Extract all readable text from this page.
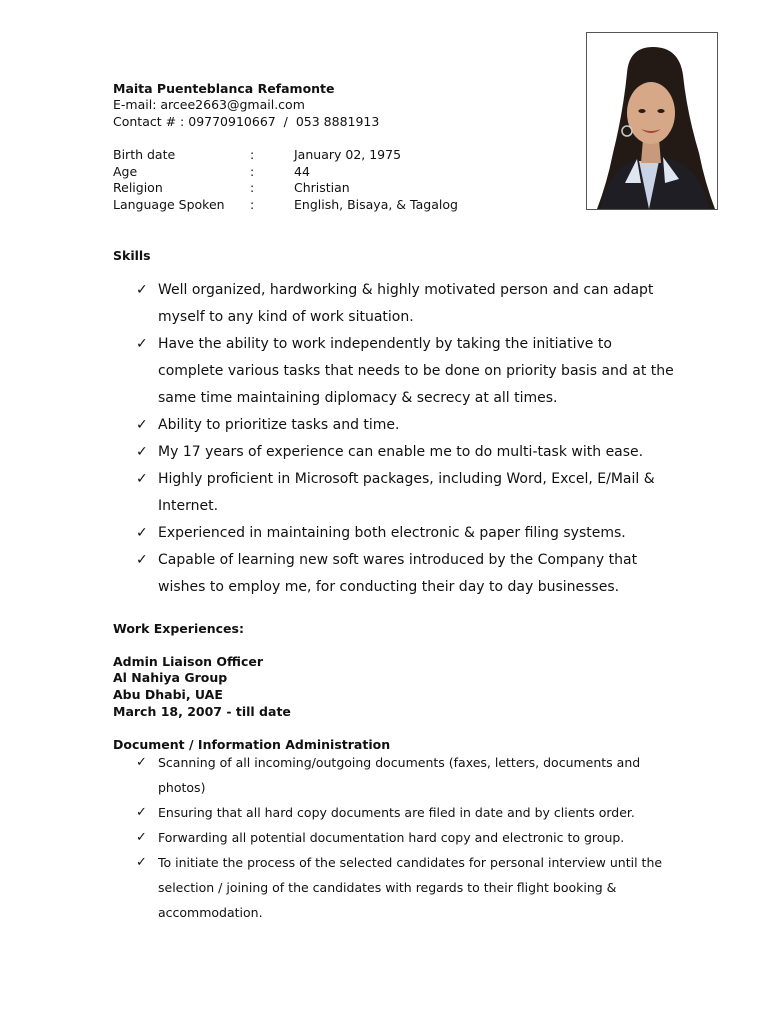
Maita Puenteblanca Refamonte
E-mail: arcee2663@gmail.com
Contact # : 09770910667  /  053 8881913
Birth date	:	January 02, 1975
Age	:	44
Religion	:	Christian
Language Spoken :	English, Bisaya, & Tagalog
Skills
✓ Well organized, hardworking & highly motivated person and can adapt myself to any kind of work situation.
✓ Have the ability to work independently by taking the initiative to complete various tasks that needs to be done on priority basis and at the same time maintaining diplomacy & secrecy at all times.
✓ Ability to prioritize tasks and time.
✓ My 17 years of experience can enable me to do multi-task with ease.
✓ Highly proficient in Microsoft packages, including Word, Excel, E/Mail & Internet.
✓ Experienced in maintaining both electronic & paper filing systems.
✓ Capable of learning new soft wares introduced by the Company that wishes to employ me, for conducting their day to day businesses.
Work Experiences:
Admin Liaison Officer
Al Nahiya Group
Abu Dhabi, UAE
March 18, 2007 - till date
Document / Information Administration
✓ Scanning of all incoming/outgoing documents (faxes, letters, documents and photos)
✓ Ensuring that all hard copy documents are filed in date and by clients order.
✓ Forwarding all potential documentation hard copy and electronic to group.
✓ To initiate the process of the selected candidates for personal interview until the selection / joining of the candidates with regards to their flight booking & accommodation.
